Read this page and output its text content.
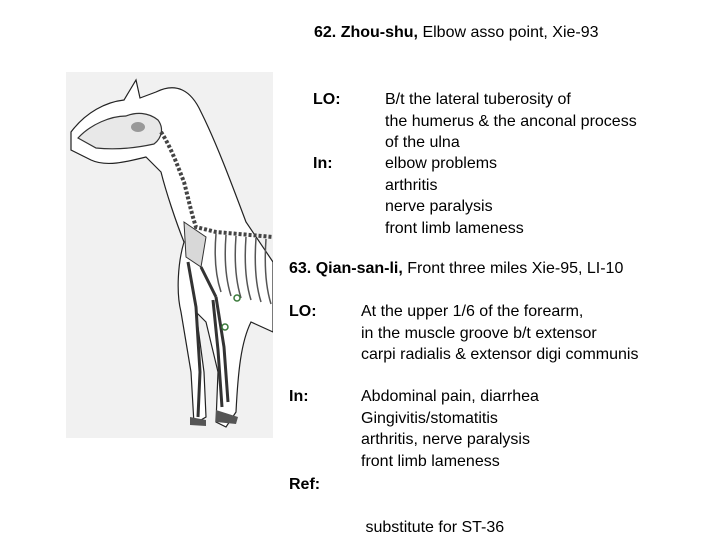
62. Zhou-shu, Elbow asso point, Xie-93
LO:	B/t the lateral tuberosity of
the humerus & the anconal process
of the ulna
In:	elbow problems
arthritis
nerve paralysis
front limb lameness
63. Qian-san-li, Front three miles Xie-95, LI-10
LO:	At the upper 1/6 of the forearm,
in the muscle groove b/t extensor
carpi radialis & extensor digi communis
In:	Abdominal pain, diarrhea
Gingivitis/stomatitis
arthritis, nerve paralysis
front limb lameness
Ref:

substitute for ST-36
